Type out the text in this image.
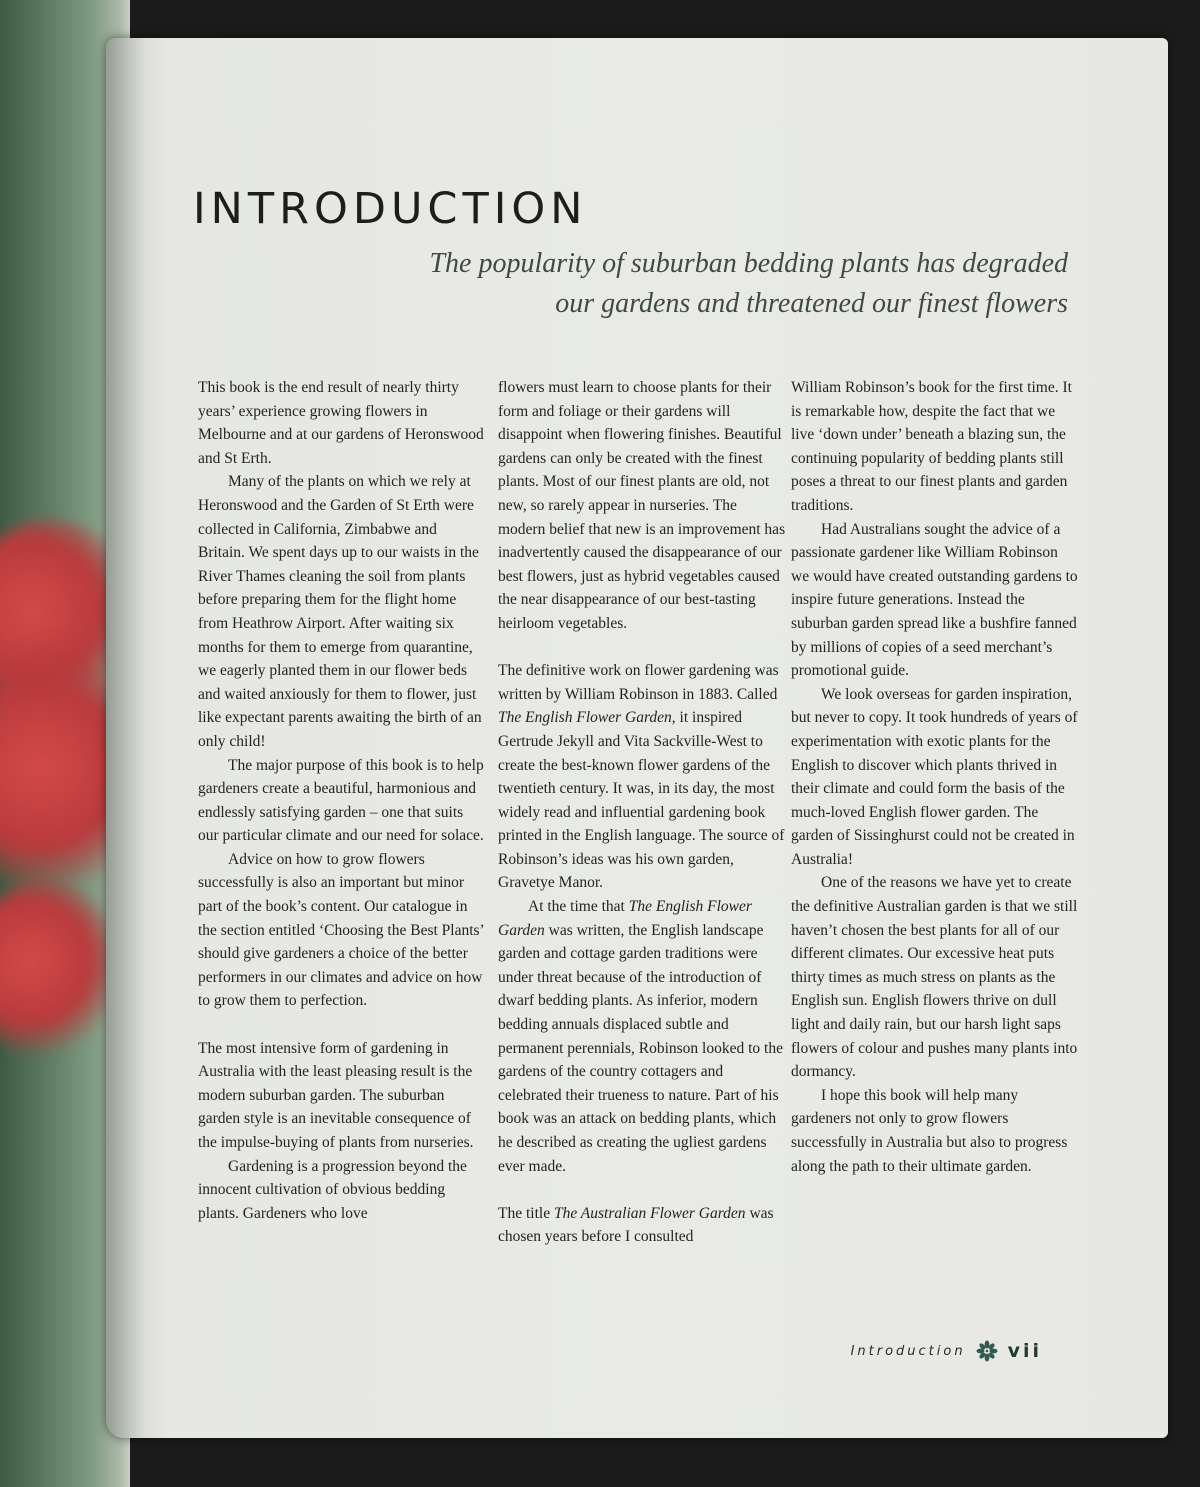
INTRODUCTION
The popularity of suburban bedding plants has degraded
our gardens and threatened our finest flowers

This book is the end result of nearly thirty years’ experience growing flowers in Melbourne and at our gardens of Heronswood and St Erth.

Many of the plants on which we rely at Heronswood and the Garden of St Erth were collected in California, Zimbabwe and Britain. We spent days up to our waists in the River Thames cleaning the soil from plants before preparing them for the flight home from Heathrow Airport. After waiting six months for them to emerge from quarantine, we eagerly planted them in our flower beds and waited anxiously for them to flower, just like expectant parents awaiting the birth of an only child!

The major purpose of this book is to help gardeners create a beautiful, harmonious and endlessly satisfying garden – one that suits our particular climate and our need for solace.

Advice on how to grow flowers successfully is also an important but minor part of the book’s content. Our catalogue in the section entitled ‘Choosing the Best Plants’ should give gardeners a choice of the better performers in our climates and advice on how to grow them to perfection.

The most intensive form of gardening in Australia with the least pleasing result is the modern suburban garden. The suburban garden style is an inevitable consequence of the impulse-buying of plants from nurseries.

Gardening is a progression beyond the innocent cultivation of obvious bedding plants. Gardeners who love

flowers must learn to choose plants for their form and foliage or their gardens will disappoint when flowering finishes. Beautiful gardens can only be created with the finest plants. Most of our finest plants are old, not new, so rarely appear in nurseries. The modern belief that new is an improvement has inadvertently caused the disappearance of our best flowers, just as hybrid vegetables caused the near disappearance of our best-tasting heirloom vegetables.

The definitive work on flower gardening was written by William Robinson in 1883. Called The English Flower Garden, it inspired Gertrude Jekyll and Vita Sackville-West to create the best-known flower gardens of the twentieth century. It was, in its day, the most widely read and influential gardening book printed in the English language. The source of Robinson’s ideas was his own garden, Gravetye Manor.

At the time that The English Flower Garden was written, the English landscape garden and cottage garden traditions were under threat because of the introduction of dwarf bedding plants. As inferior, modern bedding annuals displaced subtle and permanent perennials, Robinson looked to the gardens of the country cottagers and celebrated their trueness to nature. Part of his book was an attack on bedding plants, which he described as creating the ugliest gardens ever made.

The title The Australian Flower Garden was chosen years before I consulted

William Robinson’s book for the first time. It is remarkable how, despite the fact that we live ‘down under’ beneath a blazing sun, the continuing popularity of bedding plants still poses a threat to our finest plants and garden traditions.

Had Australians sought the advice of a passionate gardener like William Robinson we would have created outstanding gardens to inspire future generations. Instead the suburban garden spread like a bushfire fanned by millions of copies of a seed merchant’s promotional guide.

We look overseas for garden inspiration, but never to copy. It took hundreds of years of experimentation with exotic plants for the English to discover which plants thrived in their climate and could form the basis of the much-loved English flower garden. The garden of Sissinghurst could not be created in Australia!

One of the reasons we have yet to create the definitive Australian garden is that we still haven’t chosen the best plants for all of our different climates. Our excessive heat puts thirty times as much stress on plants as the English sun. English flowers thrive on dull light and daily rain, but our harsh light saps flowers of colour and pushes many plants into dormancy.

I hope this book will help many gardeners not only to grow flowers successfully in Australia but also to progress along the path to their ultimate garden.

Introduction vii
